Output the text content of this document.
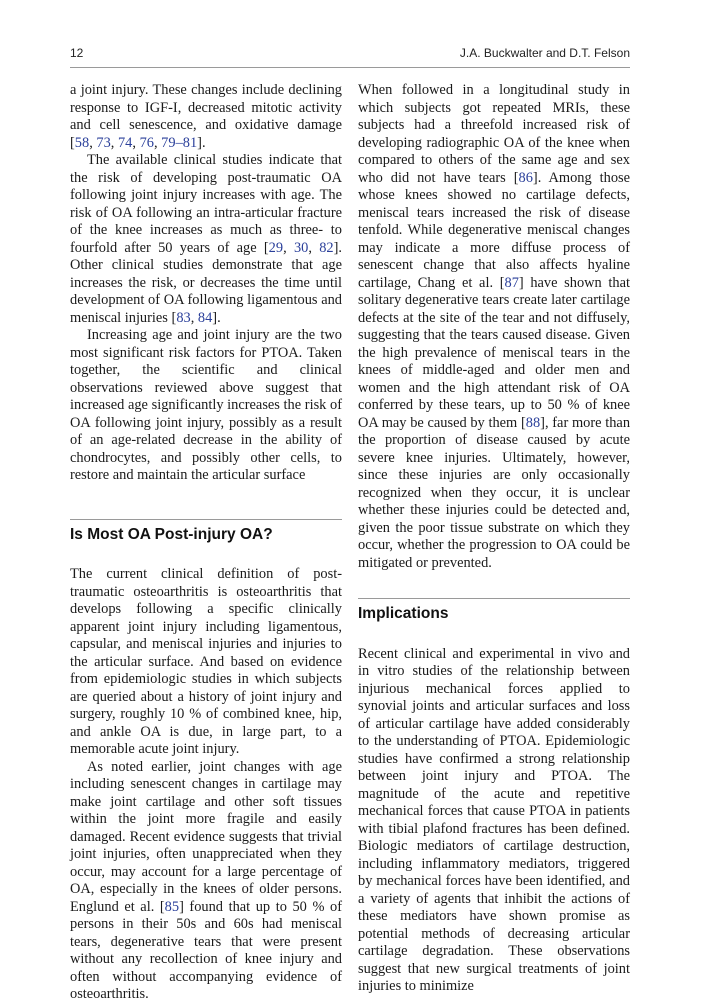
12	J.A. Buckwalter and D.T. Felson

a joint injury. These changes include declining response to IGF-I, decreased mitotic activity and cell senescence, and oxidative damage [58, 73, 74, 76, 79–81].

The available clinical studies indicate that the risk of developing post-traumatic OA following joint injury increases with age. The risk of OA following an intra-articular fracture of the knee increases as much as three- to fourfold after 50 years of age [29, 30, 82]. Other clinical studies demonstrate that age increases the risk, or decreases the time until development of OA following ligamentous and meniscal injuries [83, 84].

Increasing age and joint injury are the two most significant risk factors for PTOA. Taken together, the scientific and clinical observations reviewed above suggest that increased age significantly increases the risk of OA following joint injury, possibly as a result of an age-related decrease in the ability of chondrocytes, and possibly other cells, to restore and maintain the articular surface

Is Most OA Post-injury OA?

The current clinical definition of post-traumatic osteoarthritis is osteoarthritis that develops following a specific clinically apparent joint injury including ligamentous, capsular, and meniscal injuries and injuries to the articular surface. And based on evidence from epidemiologic studies in which subjects are queried about a history of joint injury and surgery, roughly 10 % of combined knee, hip, and ankle OA is due, in large part, to a memorable acute joint injury.

As noted earlier, joint changes with age including senescent changes in cartilage may make joint cartilage and other soft tissues within the joint more fragile and easily damaged. Recent evidence suggests that trivial joint injuries, often unappreciated when they occur, may account for a large percentage of OA, especially in the knees of older persons. Englund et al. [85] found that up to 50 % of persons in their 50s and 60s had meniscal tears, degenerative tears that were present without any recollection of knee injury and often without accompanying evidence of osteoarthritis.

When followed in a longitudinal study in which subjects got repeated MRIs, these subjects had a threefold increased risk of developing radiographic OA of the knee when compared to others of the same age and sex who did not have tears [86]. Among those whose knees showed no cartilage defects, meniscal tears increased the risk of disease tenfold. While degenerative meniscal changes may indicate a more diffuse process of senescent change that also affects hyaline cartilage, Chang et al. [87] have shown that solitary degenerative tears create later cartilage defects at the site of the tear and not diffusely, suggesting that the tears caused disease. Given the high prevalence of meniscal tears in the knees of middle-aged and older men and women and the high attendant risk of OA conferred by these tears, up to 50 % of knee OA may be caused by them [88], far more than the proportion of disease caused by acute severe knee injuries. Ultimately, however, since these injuries are only occasionally recognized when they occur, it is unclear whether these injuries could be detected and, given the poor tissue substrate on which they occur, whether the progression to OA could be mitigated or prevented.

Implications

Recent clinical and experimental in vivo and in vitro studies of the relationship between injurious mechanical forces applied to synovial joints and articular surfaces and loss of articular cartilage have added considerably to the understanding of PTOA. Epidemiologic studies have confirmed a strong relationship between joint injury and PTOA. The magnitude of the acute and repetitive mechanical forces that cause PTOA in patients with tibial plafond fractures has been defined. Biologic mediators of cartilage destruction, including inflammatory mediators, triggered by mechanical forces have been identified, and a variety of agents that inhibit the actions of these mediators have shown promise as potential methods of decreasing articular cartilage degradation. These observations suggest that new surgical treatments of joint injuries to minimize
